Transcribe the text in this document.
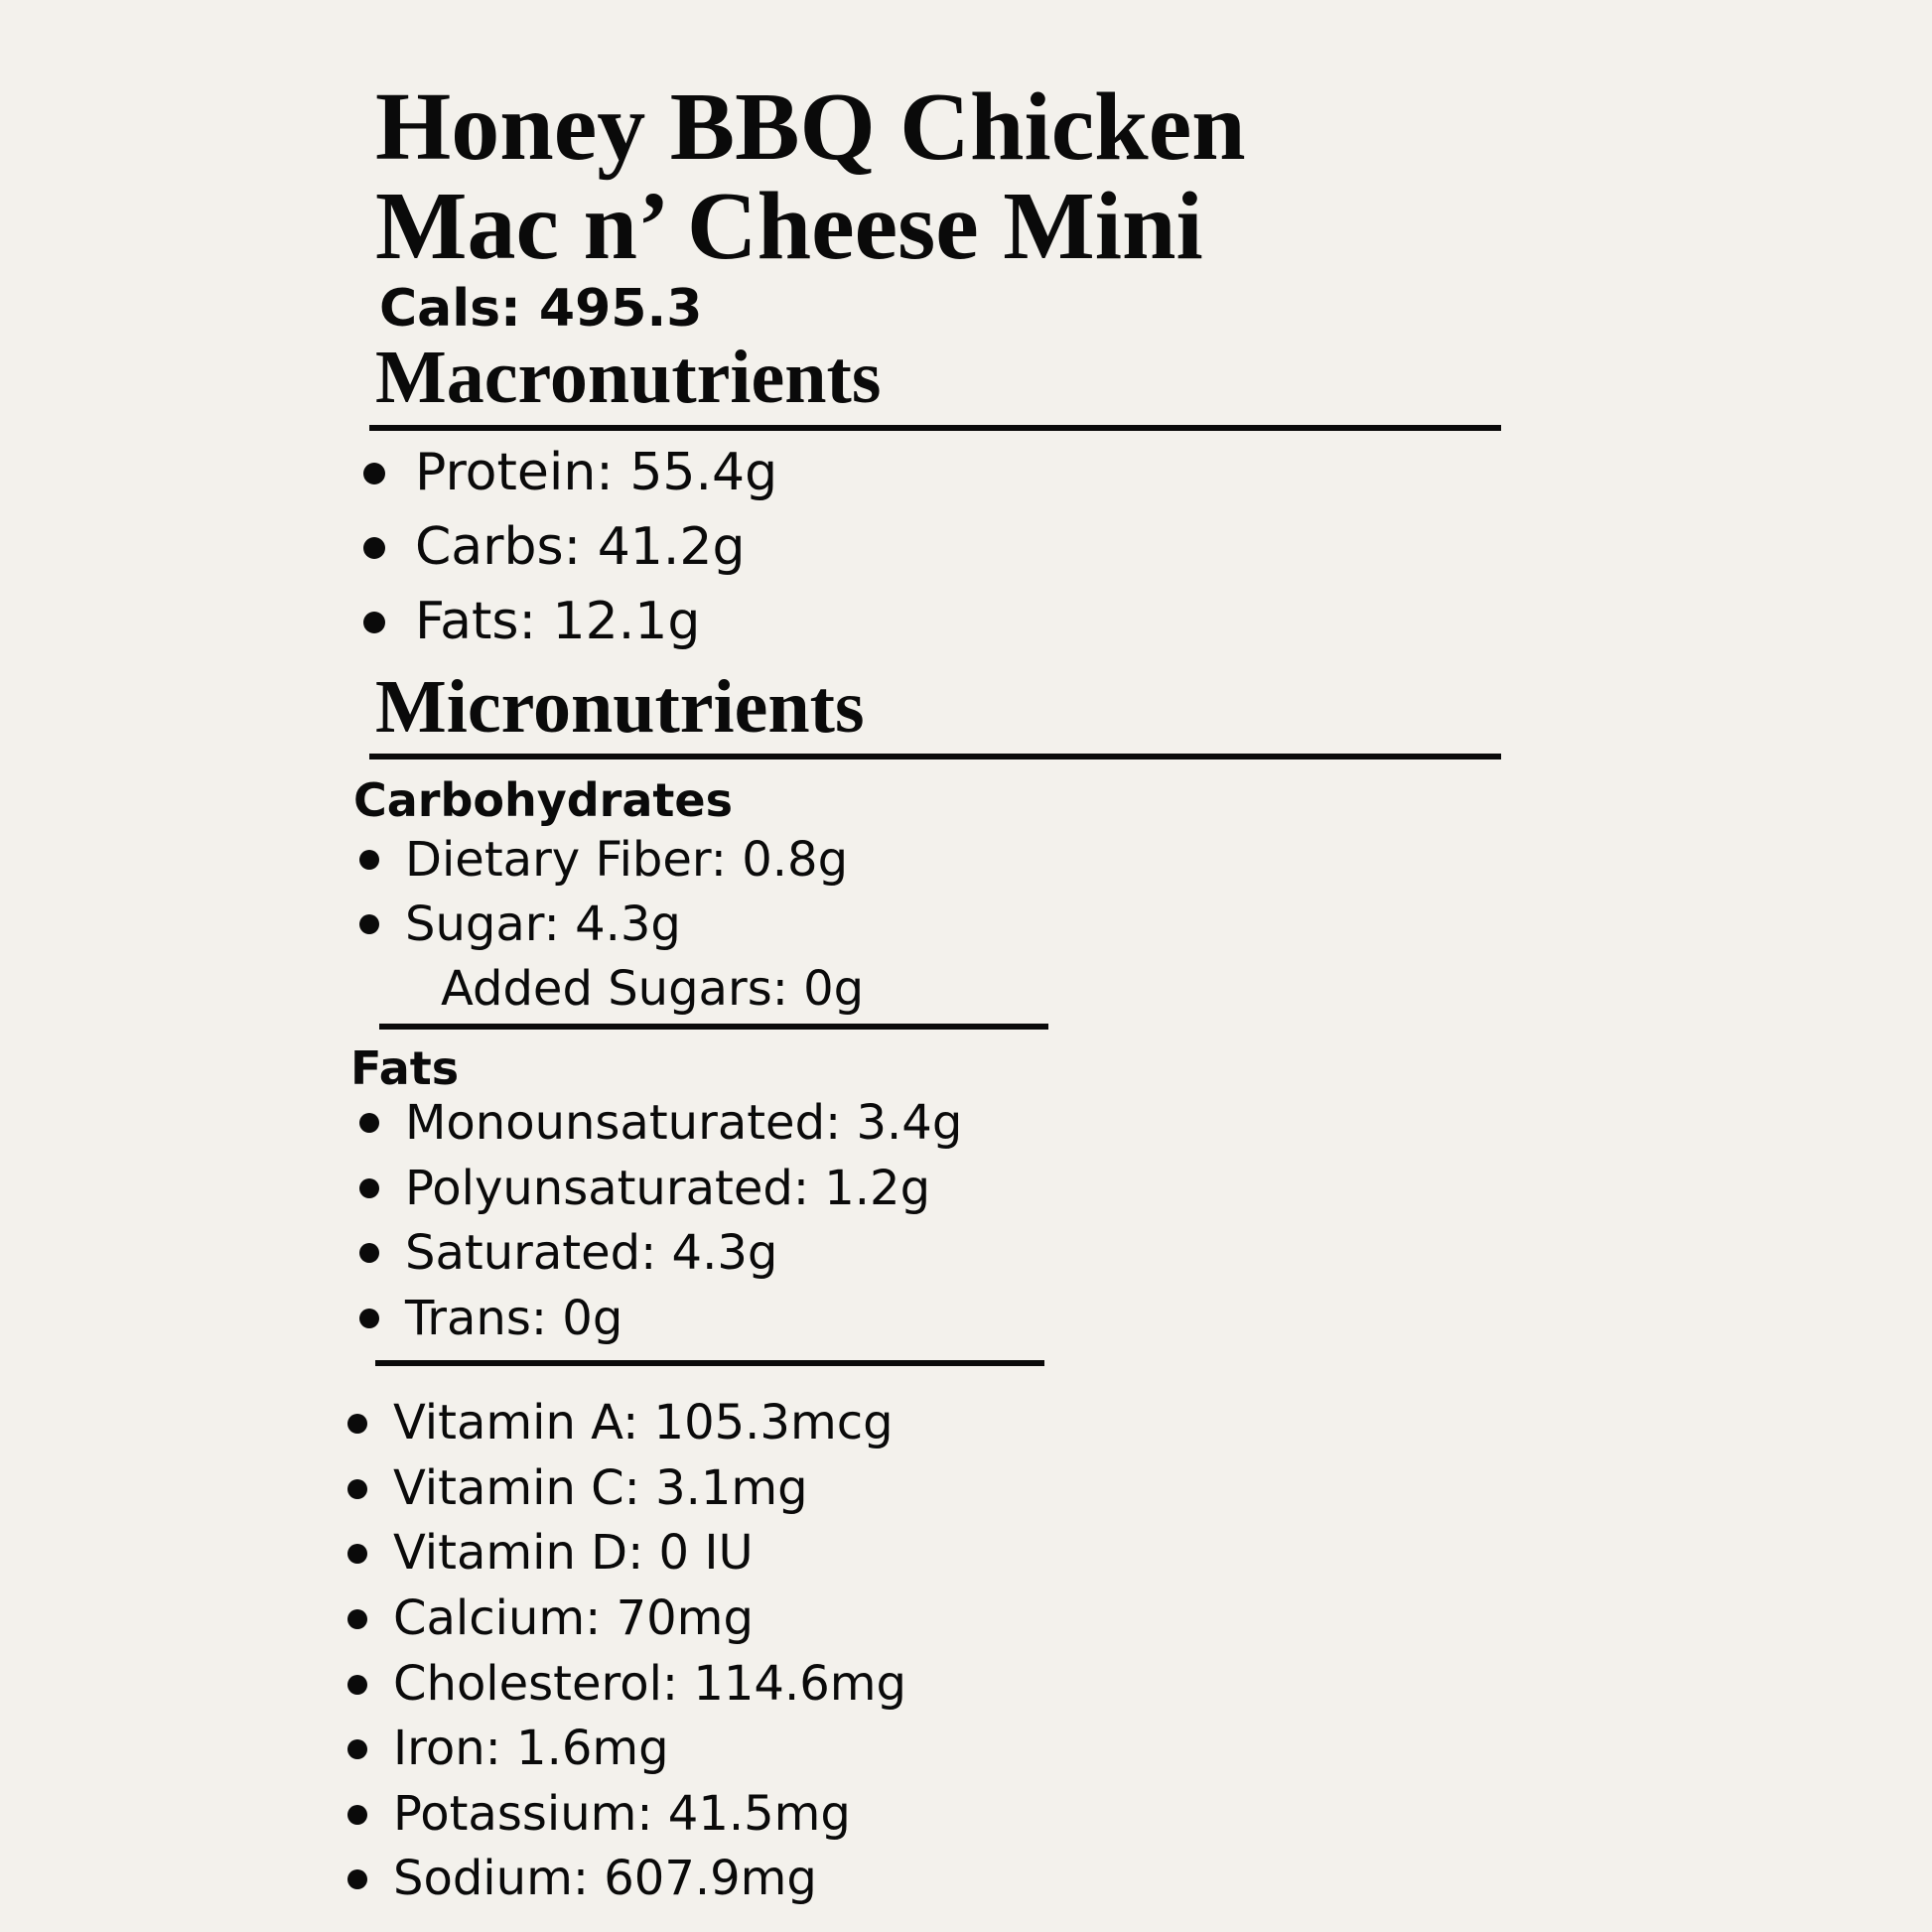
Honey BBQ Chicken
Mac n’ Cheese Mini
Cals: 495.3
Macronutrients
Protein: 55.4g
Carbs: 41.2g
Fats: 12.1g
Micronutrients
Carbohydrates
Dietary Fiber: 0.8g
Sugar: 4.3g
Added Sugars: 0g
Fats
Monounsaturated: 3.4g
Polyunsaturated: 1.2g
Saturated: 4.3g
Trans: 0g
Vitamin A: 105.3mcg
Vitamin C: 3.1mg
Vitamin D: 0 IU
Calcium: 70mg
Cholesterol: 114.6mg
Iron: 1.6mg
Potassium: 41.5mg
Sodium: 607.9mg
